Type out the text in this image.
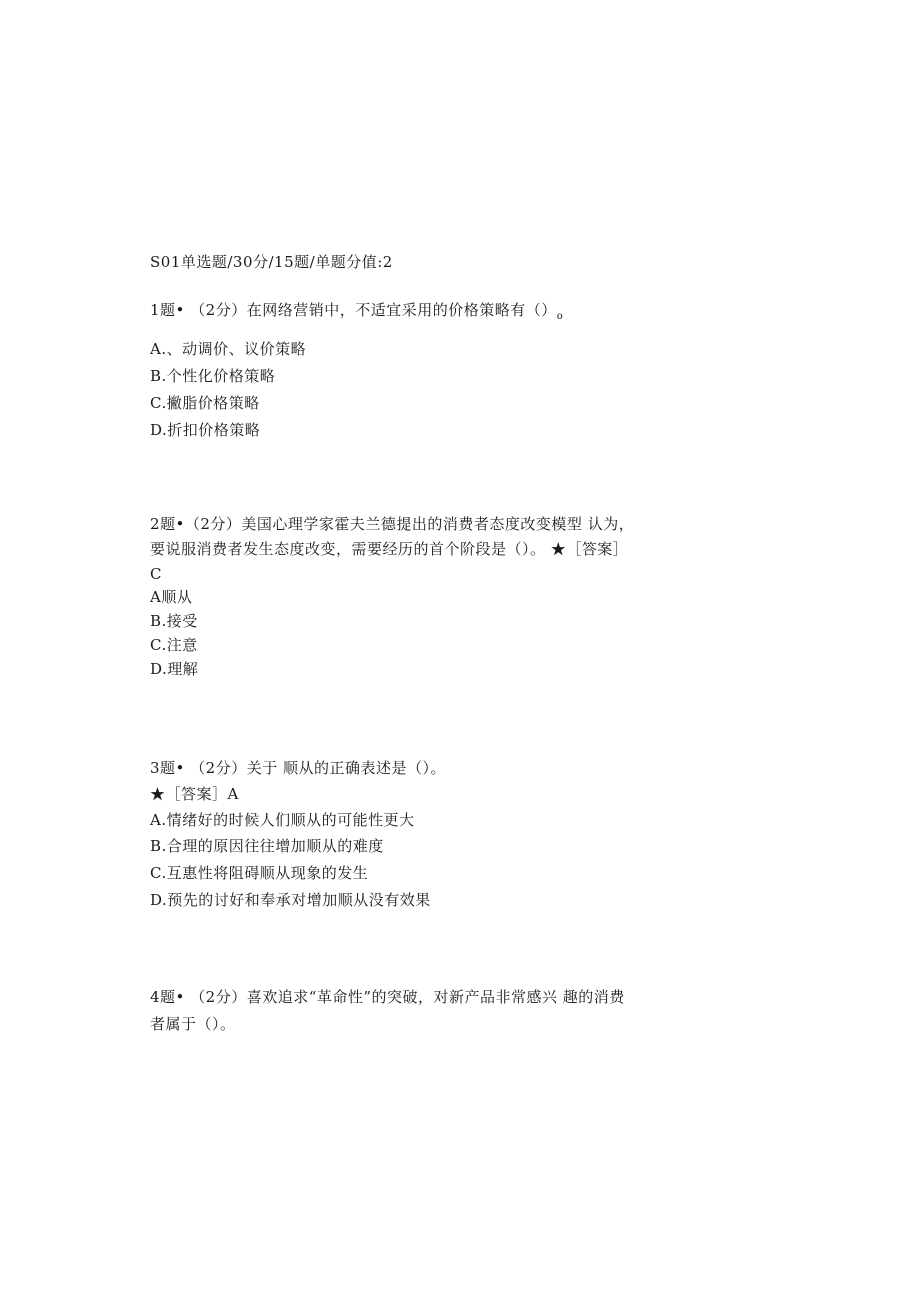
S01单选题/30分/15题/单题分值:2
1题• （2分）在网络营销中，不适宜采用的价格策略有$()_o$
A.、动调价、议价策略
B.个性化价格策略
C.撇脂价格策略
D.折扣价格策略
2题•（2分）美国心理学家霍夫兰德提出的消费者态度改变模型 认为，
要说服消费者发生态度改变，需要经历的首个阶段是（）。 ★［答案］
C
A顺从
B.接受
C.注意
D.理解
3题• （2分）关于 顺从的正确表述是（）。
★［答案］A
A.情绪好的时候人们顺从的可能性更大
B.合理的原因往往增加顺从的难度
C.互惠性将阻碍顺从现象的发生
D.预先的讨好和奉承对增加顺从没有效果
4题• （2分）喜欢追求“革命性”的突破，对新产品非常感兴 趣的消费
者属于（）。
